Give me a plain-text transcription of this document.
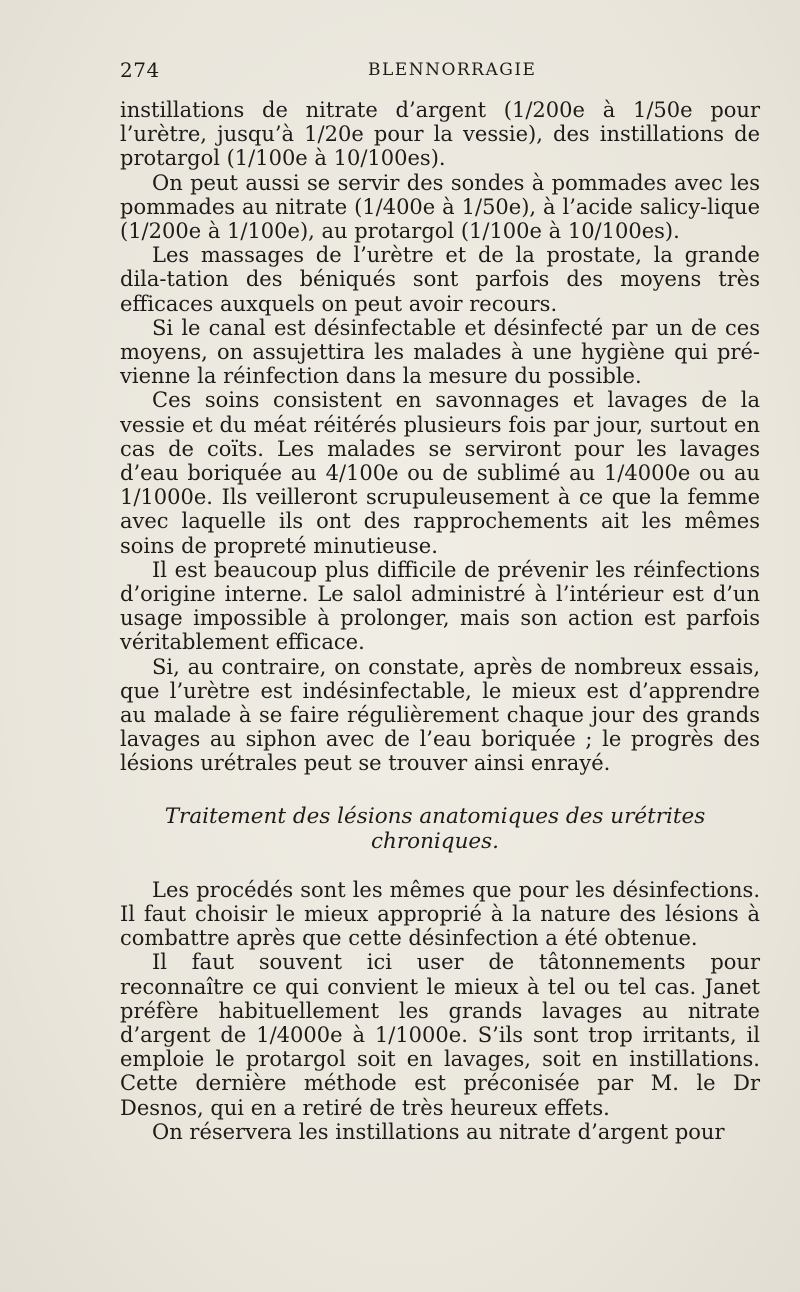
274	BLENNORRAGIE

instillations de nitrate d’argent (1/200e à 1/50e pour l’urètre, jusqu’à 1/20e pour la vessie), des instillations de protargol (1/100e à 10/100es).

On peut aussi se servir des sondes à pommades avec les pommades au nitrate (1/400e à 1/50e), à l’acide salicy-lique (1/200e à 1/100e), au protargol (1/100e à 10/100es).

Les massages de l’urètre et de la prostate, la grande dila-tation des béniqués sont parfois des moyens très efficaces auxquels on peut avoir recours.

Si le canal est désinfectable et désinfecté par un de ces moyens, on assujettira les malades à une hygiène qui pré-vienne la réinfection dans la mesure du possible.

Ces soins consistent en savonnages et lavages de la vessie et du méat réitérés plusieurs fois par jour, surtout en cas de coïts. Les malades se serviront pour les lavages d’eau boriquée au 4/100e ou de sublimé au 1/4000e ou au 1/1000e. Ils veilleront scrupuleusement à ce que la femme avec laquelle ils ont des rapprochements ait les mêmes soins de propreté minutieuse.

Il est beaucoup plus difficile de prévenir les réinfections d’origine interne. Le salol administré à l’intérieur est d’un usage impossible à prolonger, mais son action est parfois véritablement efficace.

Si, au contraire, on constate, après de nombreux essais, que l’urètre est indésinfectable, le mieux est d’apprendre au malade à se faire régulièrement chaque jour des grands lavages au siphon avec de l’eau boriquée ; le progrès des lésions urétrales peut se trouver ainsi enrayé.

Traitement des lésions anatomiques des urétrites chroniques.

Les procédés sont les mêmes que pour les désinfections. Il faut choisir le mieux approprié à la nature des lésions à combattre après que cette désinfection a été obtenue.

Il faut souvent ici user de tâtonnements pour reconnaître ce qui convient le mieux à tel ou tel cas. Janet préfère habituellement les grands lavages au nitrate d’argent de 1/4000e à 1/1000e. S’ils sont trop irritants, il emploie le protargol soit en lavages, soit en instillations. Cette dernière méthode est préconisée par M. le Dr Desnos, qui en a retiré de très heureux effets.

On réservera les instillations au nitrate d’argent pour
